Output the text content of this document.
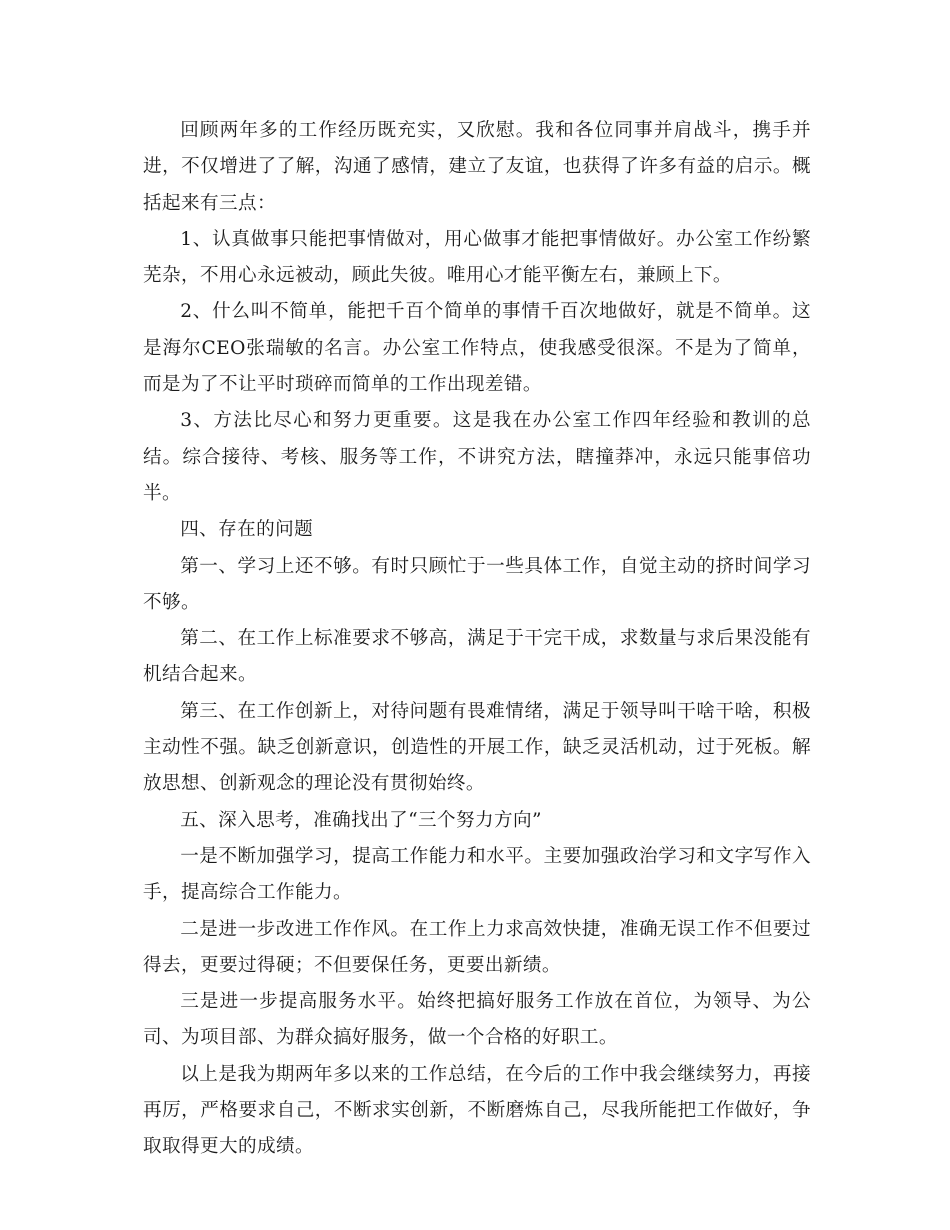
回顾两年多的工作经历既充实，又欣慰。我和各位同事并肩战斗，携手并进，不仅增进了了解，沟通了感情，建立了友谊，也获得了许多有益的启示。概括起来有三点：

1、认真做事只能把事情做对，用心做事才能把事情做好。办公室工作纷繁芜杂，不用心永远被动，顾此失彼。唯用心才能平衡左右，兼顾上下。

2、什么叫不简单，能把千百个简单的事情千百次地做好，就是不简单。这是海尔CEO张瑞敏的名言。办公室工作特点，使我感受很深。不是为了简单，而是为了不让平时琐碎而简单的工作出现差错。

3、方法比尽心和努力更重要。这是我在办公室工作四年经验和教训的总结。综合接待、考核、服务等工作，不讲究方法，瞎撞莽冲，永远只能事倍功半。

四、存在的问题

第一、学习上还不够。有时只顾忙于一些具体工作，自觉主动的挤时间学习不够。

第二、在工作上标准要求不够高，满足于干完干成，求数量与求后果没能有机结合起来。

第三、在工作创新上，对待问题有畏难情绪，满足于领导叫干啥干啥，积极主动性不强。缺乏创新意识，创造性的开展工作，缺乏灵活机动，过于死板。解放思想、创新观念的理论没有贯彻始终。

五、深入思考，准确找出了“三个努力方向”

一是不断加强学习，提高工作能力和水平。主要加强政治学习和文字写作入手，提高综合工作能力。

二是进一步改进工作作风。在工作上力求高效快捷，准确无误工作不但要过得去，更要过得硬；不但要保任务，更要出新绩。

三是进一步提高服务水平。始终把搞好服务工作放在首位，为领导、为公司、为项目部、为群众搞好服务，做一个合格的好职工。

以上是我为期两年多以来的工作总结，在今后的工作中我会继续努力，再接再厉，严格要求自己，不断求实创新，不断磨炼自己，尽我所能把工作做好，争取取得更大的成绩。
